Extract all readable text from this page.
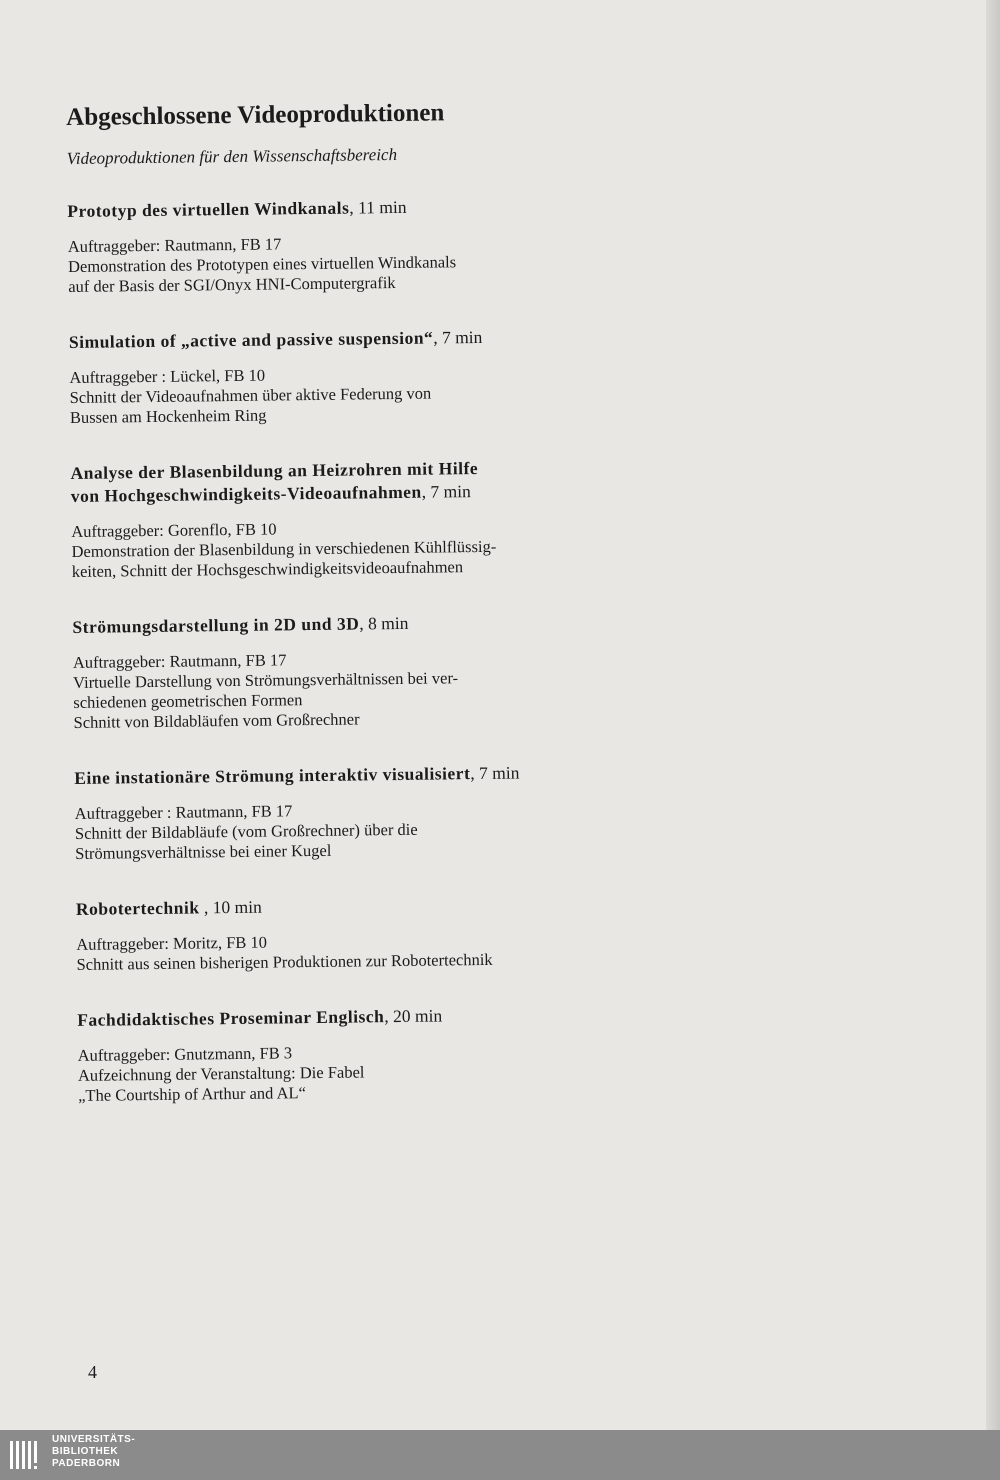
Abgeschlossene Videoproduktionen

Videoproduktionen für den Wissenschaftsbereich

Prototyp des virtuellen Windkanals, 11 min
Auftraggeber: Rautmann, FB 17
Demonstration des Prototypen eines virtuellen Windkanals
auf der Basis der SGI/Onyx HNI-Computergrafik
Simulation of „active and passive suspension“, 7 min
Auftraggeber : Lückel, FB 10
Schnitt der Videoaufnahmen über aktive Federung von
Bussen am Hockenheim Ring
Analyse der Blasenbildung an Heizrohren mit Hilfe
von Hochgeschwindigkeits-Videoaufnahmen, 7 min
Auftraggeber: Gorenflo, FB 10
Demonstration der Blasenbildung in verschiedenen Kühlflüssig-
keiten, Schnitt der Hochsgeschwindigkeitsvideoaufnahmen
Strömungsdarstellung in 2D und 3D, 8 min
Auftraggeber: Rautmann, FB 17
Virtuelle Darstellung von Strömungsverhältnissen bei ver-
schiedenen geometrischen Formen
Schnitt von Bildabläufen vom Großrechner
Eine instationäre Strömung interaktiv visualisiert, 7 min
Auftraggeber : Rautmann, FB 17
Schnitt der Bildabläufe (vom Großrechner) über die
Strömungsverhältnisse bei einer Kugel
Robotertechnik , 10 min
Auftraggeber: Moritz, FB 10
Schnitt aus seinen bisherigen Produktionen zur Robotertechnik
Fachdidaktisches Proseminar Englisch, 20 min
Auftraggeber: Gnutzmann, FB 3
Aufzeichnung der Veranstaltung: Die Fabel
„The Courtship of Arthur and AL“
4
UNIVERSITÄTS-
BIBLIOTHEK
PADERBORN
